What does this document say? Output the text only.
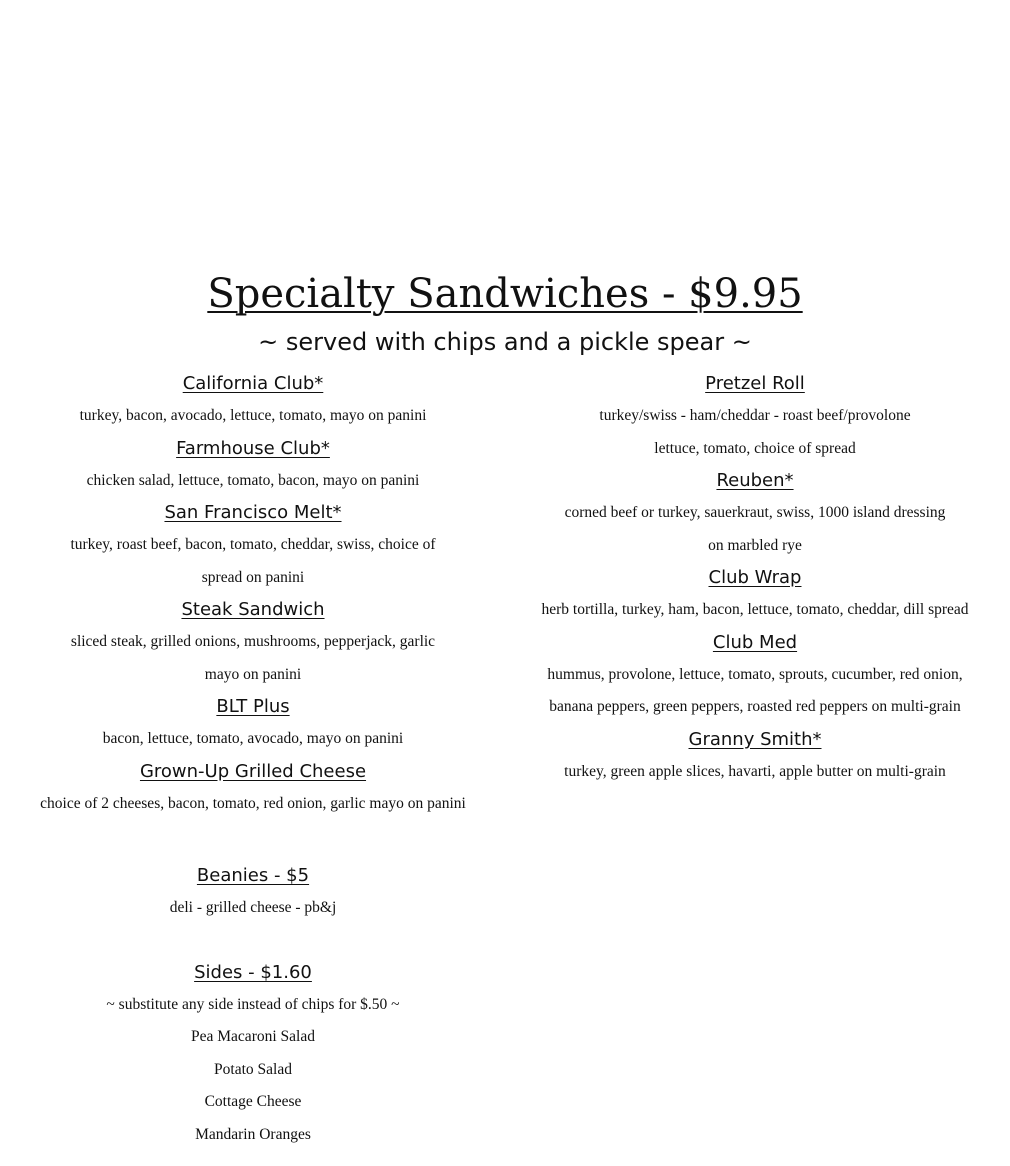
Specialty Sandwiches - $9.95
~ served with chips and a pickle spear ~
California Club*
turkey, bacon, avocado, lettuce, tomato, mayo on panini
Farmhouse Club*
chicken salad, lettuce, tomato, bacon, mayo on panini
San Francisco Melt*
turkey, roast beef, bacon, tomato, cheddar, swiss, choice of spread on panini
Steak Sandwich
sliced steak, grilled onions, mushrooms, pepperjack, garlic mayo on panini
BLT Plus
bacon, lettuce, tomato, avocado, mayo on panini
Grown-Up Grilled Cheese
choice of 2 cheeses, bacon, tomato, red onion, garlic mayo on panini
Beanies - $5
deli - grilled cheese - pb&j
Sides - $1.60
~ substitute any side instead of chips for $.50 ~
Pea Macaroni Salad
Potato Salad
Cottage Cheese
Mandarin Oranges
Pretzel Roll
turkey/swiss - ham/cheddar - roast beef/provolone
lettuce, tomato, choice of spread
Reuben*
corned beef or turkey, sauerkraut, swiss, 1000 island dressing
on marbled rye
Club Wrap
herb tortilla, turkey, ham, bacon, lettuce, tomato, cheddar, dill spread
Club Med
hummus, provolone, lettuce, tomato, sprouts, cucumber, red onion,
banana peppers, green peppers, roasted red peppers on multi-grain
Granny Smith*
turkey, green apple slices, havarti, apple butter on multi-grain
